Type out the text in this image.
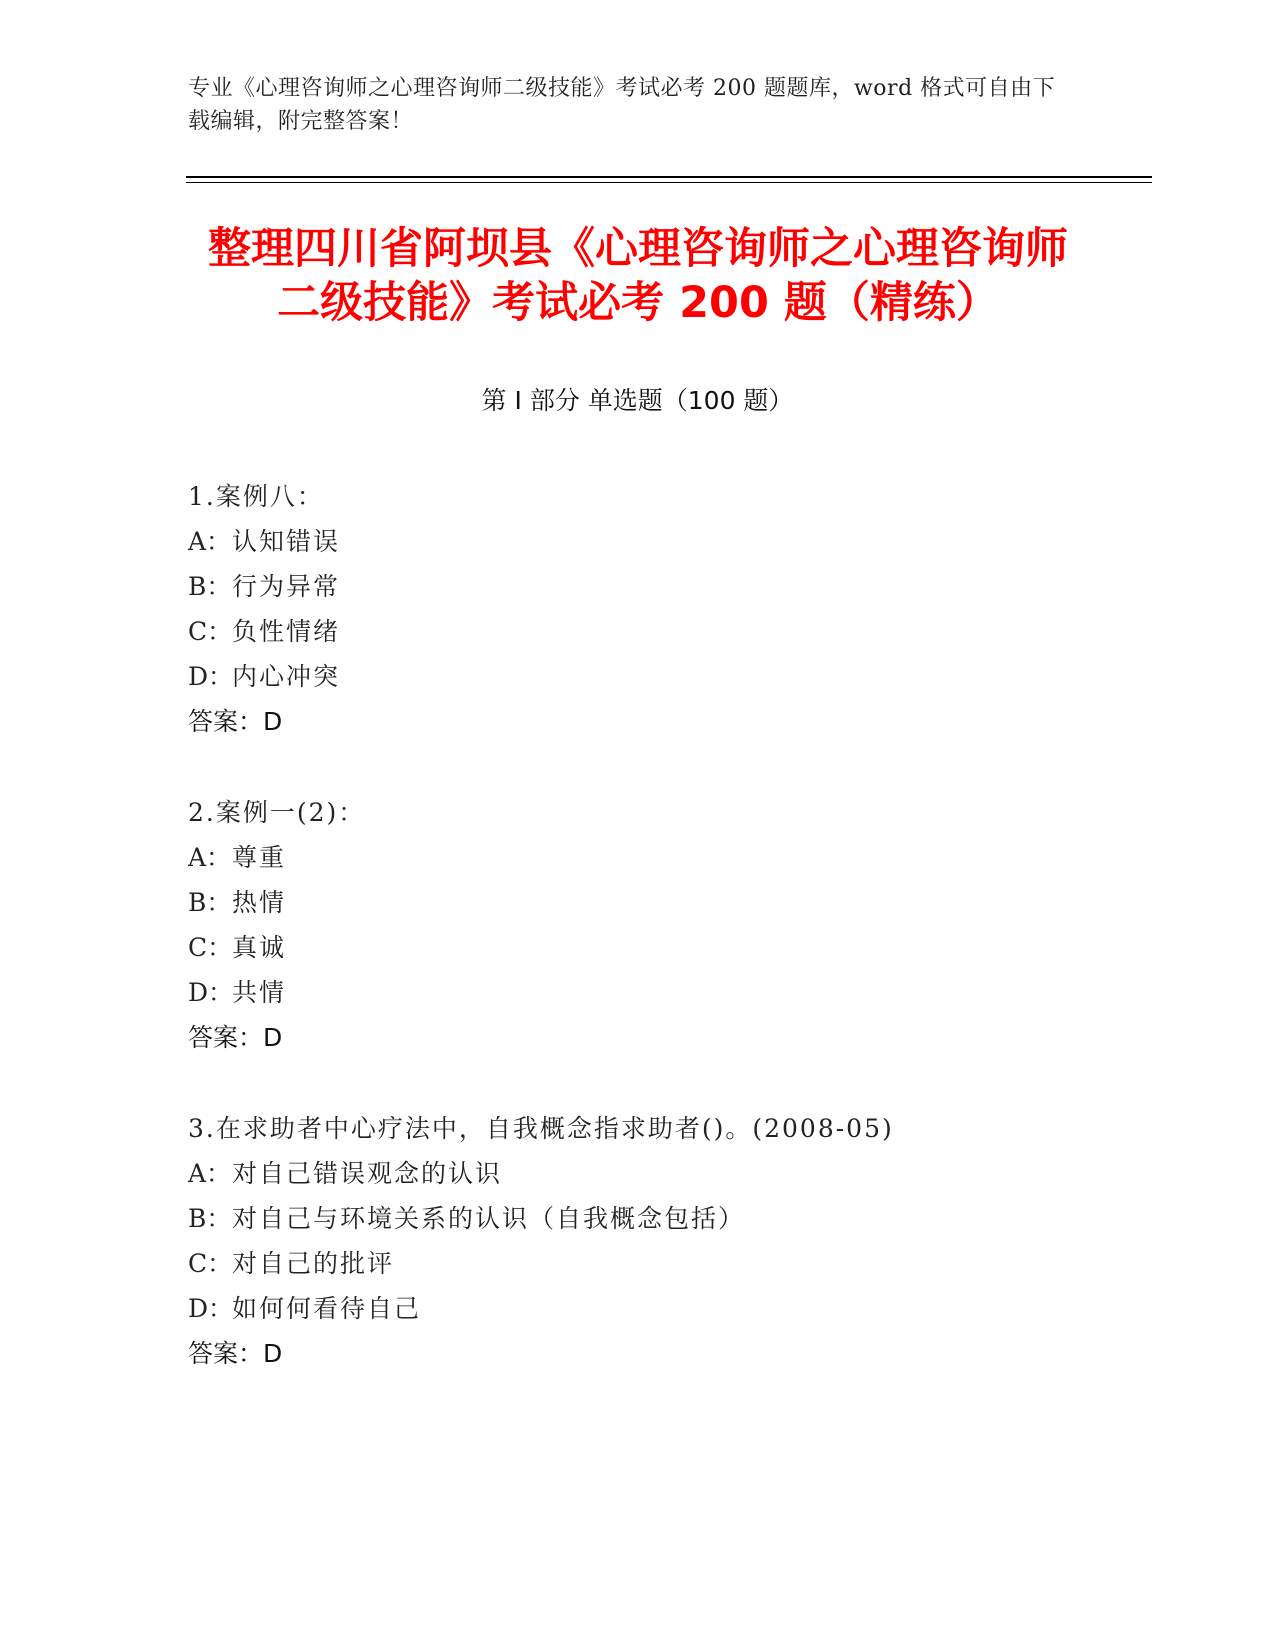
专业《心理咨询师之心理咨询师二级技能》考试必考 200 题题库，word 格式可自由下载编辑，附完整答案！
整理四川省阿坝县《心理咨询师之心理咨询师二级技能》考试必考 200 题（精练）
第 I 部分 单选题（100 题）
1.案例八：
A：认知错误
B：行为异常
C：负性情绪
D：内心冲突
答案：D
2.案例一(2)：
A：尊重
B：热情
C：真诚
D：共情
答案：D
3.在求助者中心疗法中，自我概念指求助者()。(2008-05)
A：对自己错误观念的认识
B：对自己与环境关系的认识（自我概念包括）
C：对自己的批评
D：如何何看待自己
答案：D
